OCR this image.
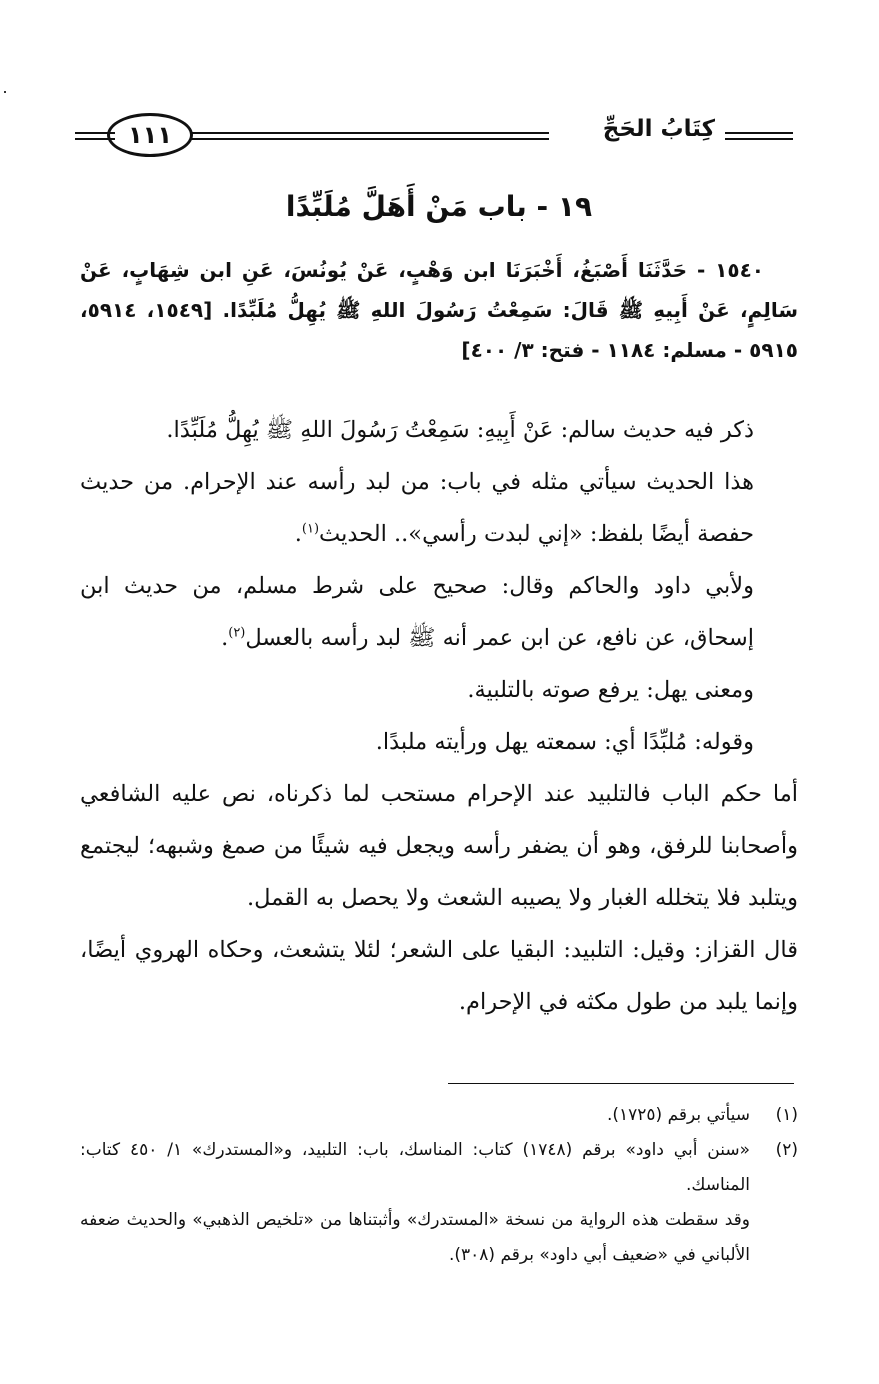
كِتَابُ الحَجِّ
١١١
١٩ - باب مَنْ أَهَلَّ مُلَبِّدًا
١٥٤٠ - حَدَّثَنَا أَصْبَغُ، أَخْبَرَنَا ابن وَهْبٍ، عَنْ يُونُسَ، عَنِ ابن شِهَابٍ، عَنْ سَالِمٍ، عَنْ أَبِيهِ ﷺ قَالَ: سَمِعْتُ رَسُولَ اللهِ ﷺ يُهِلُّ مُلَبِّدًا. [١٥٤٩، ٥٩١٤، ٥٩١٥ - مسلم: ١١٨٤ - فتح: ٣/ ٤٠٠]

ذكر فيه حديث سالم: عَنْ أَبِيهِ: سَمِعْتُ رَسُولَ اللهِ ﷺ يُهِلُّ مُلَبِّدًا.

هذا الحديث سيأتي مثله في باب: من لبد رأسه عند الإحرام. من حديث حفصة أيضًا بلفظ: «إني لبدت رأسي».. الحديث$^{(١)}$.

ولأبي داود والحاكم وقال: صحيح على شرط مسلم، من حديث ابن إسحاق، عن نافع، عن ابن عمر أنه ﷺ لبد رأسه بالعسل$^{(٢)}$.

ومعنى يهل: يرفع صوته بالتلبية.

وقوله: مُلبِّدًا أي: سمعته يهل ورأيته ملبدًا.

أما حكم الباب فالتلبيد عند الإحرام مستحب لما ذكرناه، نص عليه الشافعي وأصحابنا للرفق، وهو أن يضفر رأسه ويجعل فيه شيئًا من صمغ وشبهه؛ ليجتمع ويتلبد فلا يتخلله الغبار ولا يصيبه الشعث ولا يحصل به القمل.

قال القزاز: وقيل: التلبيد: البقيا على الشعر؛ لئلا يتشعث، وحكاه الهروي أيضًا، وإنما يلبد من طول مكثه في الإحرام.

(١)
سيأتي برقم (١٧٢٥).
(٢)
«سنن أبي داود» برقم (١٧٤٨) كتاب: المناسك، باب: التلبيد، و«المستدرك» ١/ ٤٥٠ كتاب: المناسك.
وقد سقطت هذه الرواية من نسخة «المستدرك» وأثبتناها من «تلخيص الذهبي» والحديث ضعفه الألباني في «ضعيف أبي داود» برقم (٣٠٨).
